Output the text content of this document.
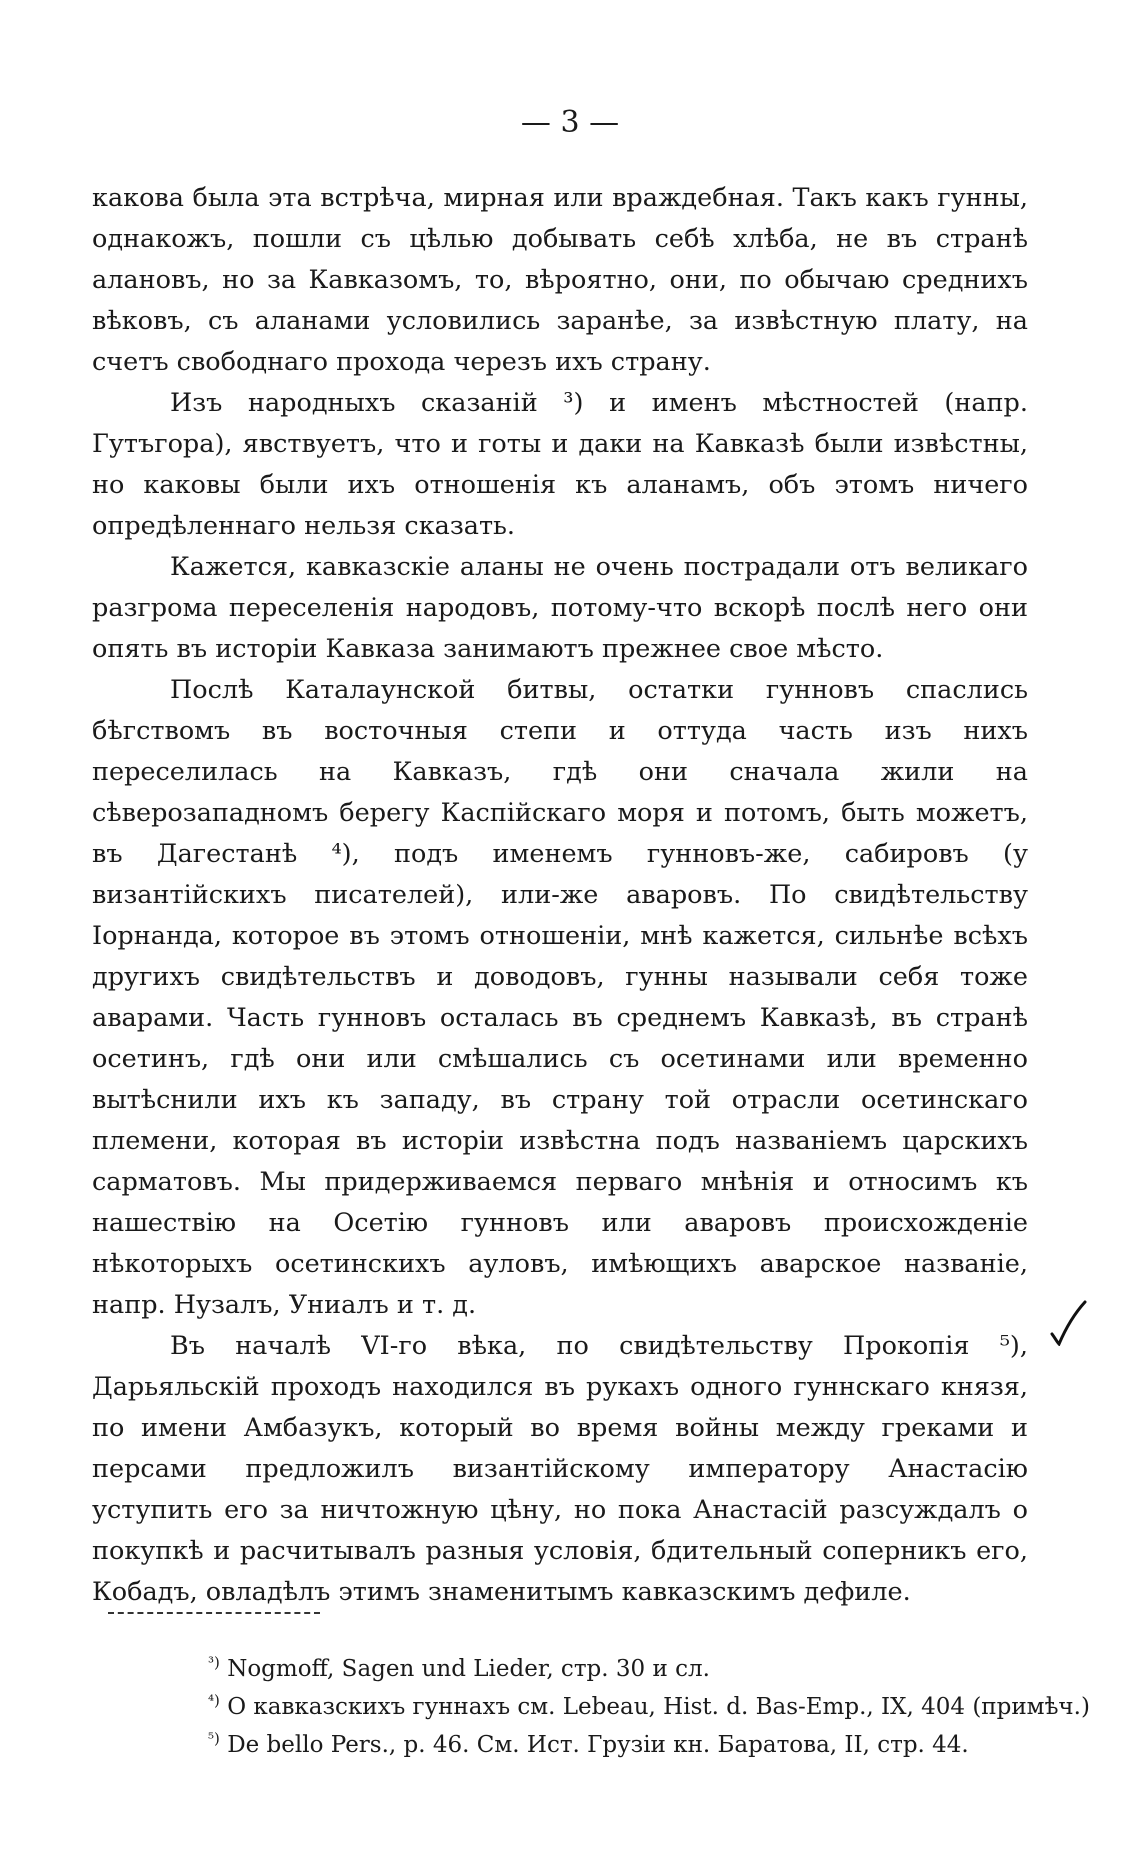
— 3 —

какова была эта встрѣча, мирная или враждебная. Такъ какъ гунны, однакожъ, пошли съ цѣлью добывать себѣ хлѣба, не въ странѣ алановъ, но за Кавказомъ, то, вѣроятно, они, по обычаю среднихъ вѣковъ, съ аланами условились заранѣе, за извѣстную плату, на счетъ свободнаго прохода черезъ ихъ страну.

Изъ народныхъ сказаній ³) и именъ мѣстностей (напр. Гутъгора), явствуетъ, что и готы и даки на Кавказѣ были извѣстны, но каковы были ихъ отношенія къ аланамъ, объ этомъ ничего опредѣленнаго нельзя сказать.

Кажется, кавказскіе аланы не очень пострадали отъ великаго разгрома переселенія народовъ, потому-что вскорѣ послѣ него они опять въ исторіи Кавказа занимаютъ прежнее свое мѣсто.

Послѣ Каталаунской битвы, остатки гунновъ спаслись бѣгствомъ въ восточныя степи и оттуда часть изъ нихъ переселилась на Кавказъ, гдѣ они сначала жили на сѣверозападномъ берегу Каспійскаго моря и потомъ, быть можетъ, въ Дагестанѣ ⁴), подъ именемъ гунновъ-же, сабировъ (у византійскихъ писателей), или-же аваровъ. По свидѣтельству Іорнанда, которое въ этомъ отношеніи, мнѣ кажется, сильнѣе всѣхъ другихъ свидѣтельствъ и доводовъ, гунны называли себя тоже аварами. Часть гунновъ осталась въ среднемъ Кавказѣ, въ странѣ осетинъ, гдѣ они или смѣшались съ осетинами или временно вытѣснили ихъ къ западу, въ страну той отрасли осетинскаго племени, которая въ исторіи извѣстна подъ названіемъ царскихъ сарматовъ. Мы придерживаемся перваго мнѣнія и относимъ къ нашествію на Осетію гунновъ или аваровъ происхожденіе нѣкоторыхъ осетинскихъ ауловъ, имѣющихъ аварское названіе, напр. Нузалъ, Униалъ и т. д.

Въ началѣ VI-го вѣка, по свидѣтельству Прокопія ⁵), Дарьяльскій проходъ находился въ рукахъ одного гуннскаго князя, по имени Амбазукъ, который во время войны между греками и персами предложилъ византійскому императору Анастасію уступить его за ничтожную цѣну, но пока Анастасій разсуждалъ о покупкѣ и расчитывалъ разныя условія, бдительный соперникъ его, Кобадъ, овладѣлъ этимъ знаменитымъ кавказскимъ дефиле.

$^{^3)}$ Nogmoff, Sagen und Lieder, стр. 30 и сл.

$^{^4)}$ О кавказскихъ гуннахъ см. Lebeau, Hist. d. Bas-Emp., IX, 404 (примѣч.)

$^{^5)}$ De bello Pers., p. 46. См. Ист. Грузіи кн. Баратова, II, стр. 44.
